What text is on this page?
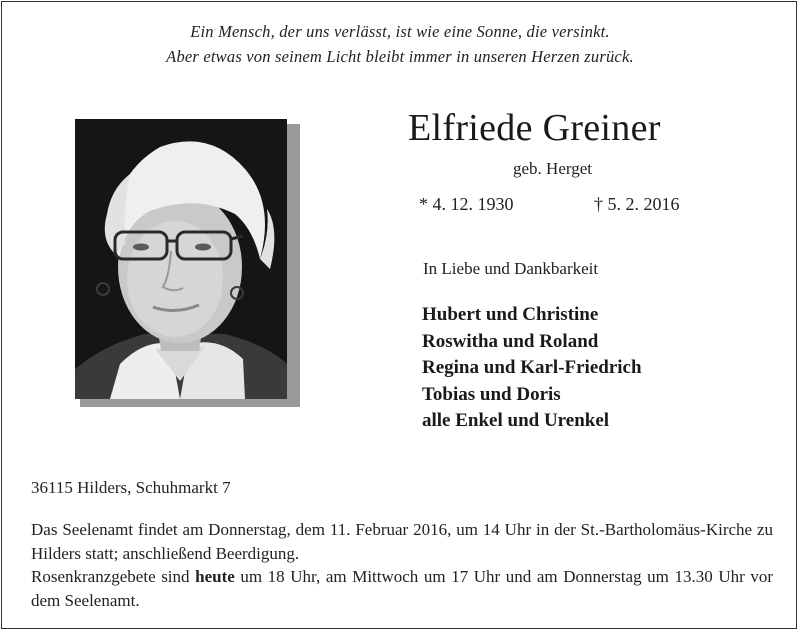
Ein Mensch, der uns verlässt, ist wie eine Sonne, die versinkt.
Aber etwas von seinem Licht bleibt immer in unseren Herzen zurück.
Elfriede Greiner
geb. Herget
* 4. 12. 1930	† 5. 2. 2016
In Liebe und Dankbarkeit
Hubert und Christine
Roswitha und Roland
Regina und Karl-Friedrich
Tobias und Doris
alle Enkel und Urenkel
36115 Hilders, Schuhmarkt 7

Das Seelenamt findet am Donnerstag, dem 11. Februar 2016, um 14 Uhr in der St.-Bartholomäus-Kirche zu Hilders statt; anschließend Beerdigung.

Rosenkranzgebete sind heute um 18 Uhr, am Mittwoch um 17 Uhr und am Donnerstag um 13.30 Uhr vor dem Seelenamt.
